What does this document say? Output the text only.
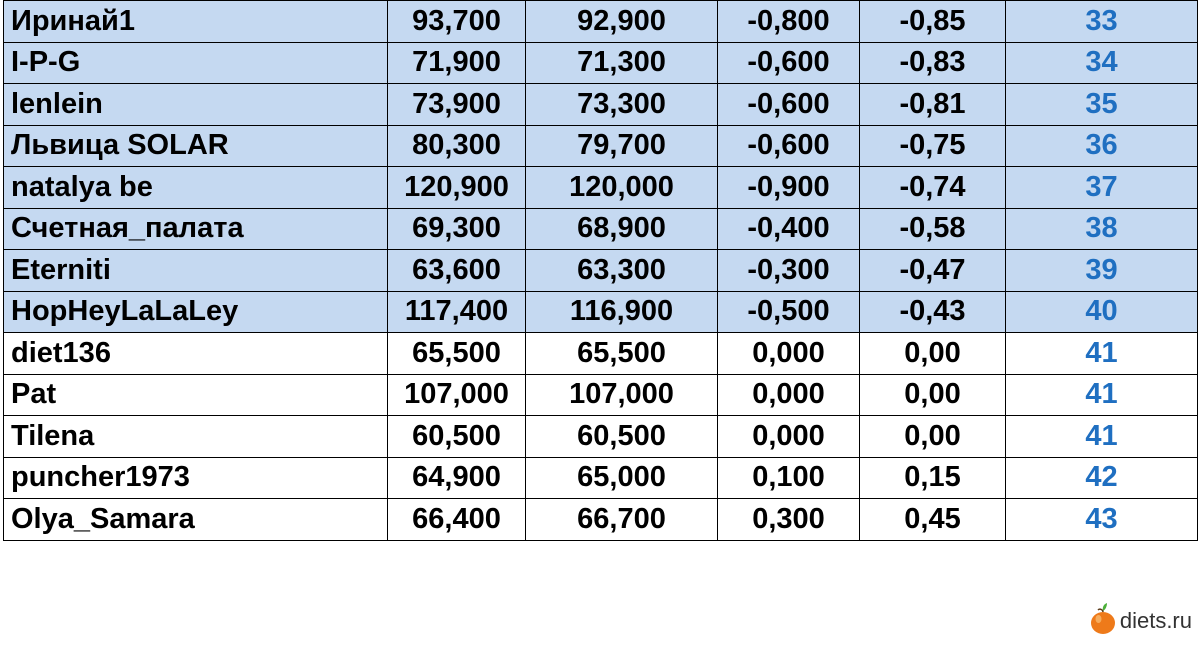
Иринай1	93,700	92,900	-0,800	-0,85	33
I-P-G	71,900	71,300	-0,600	-0,83	34
lenlein	73,900	73,300	-0,600	-0,81	35
Львица SOLAR	80,300	79,700	-0,600	-0,75	36
natalya be	120,900	120,000	-0,900	-0,74	37
Счетная_палата	69,300	68,900	-0,400	-0,58	38
Eterniti	63,600	63,300	-0,300	-0,47	39
HopHeyLaLaLey	117,400	116,900	-0,500	-0,43	40
diet136	65,500	65,500	0,000	0,00	41
Pat	107,000	107,000	0,000	0,00	41
Tilena	60,500	60,500	0,000	0,00	41
puncher1973	64,900	65,000	0,100	0,15	42
Olya_Samara	66,400	66,700	0,300	0,45	43
diets.ru
